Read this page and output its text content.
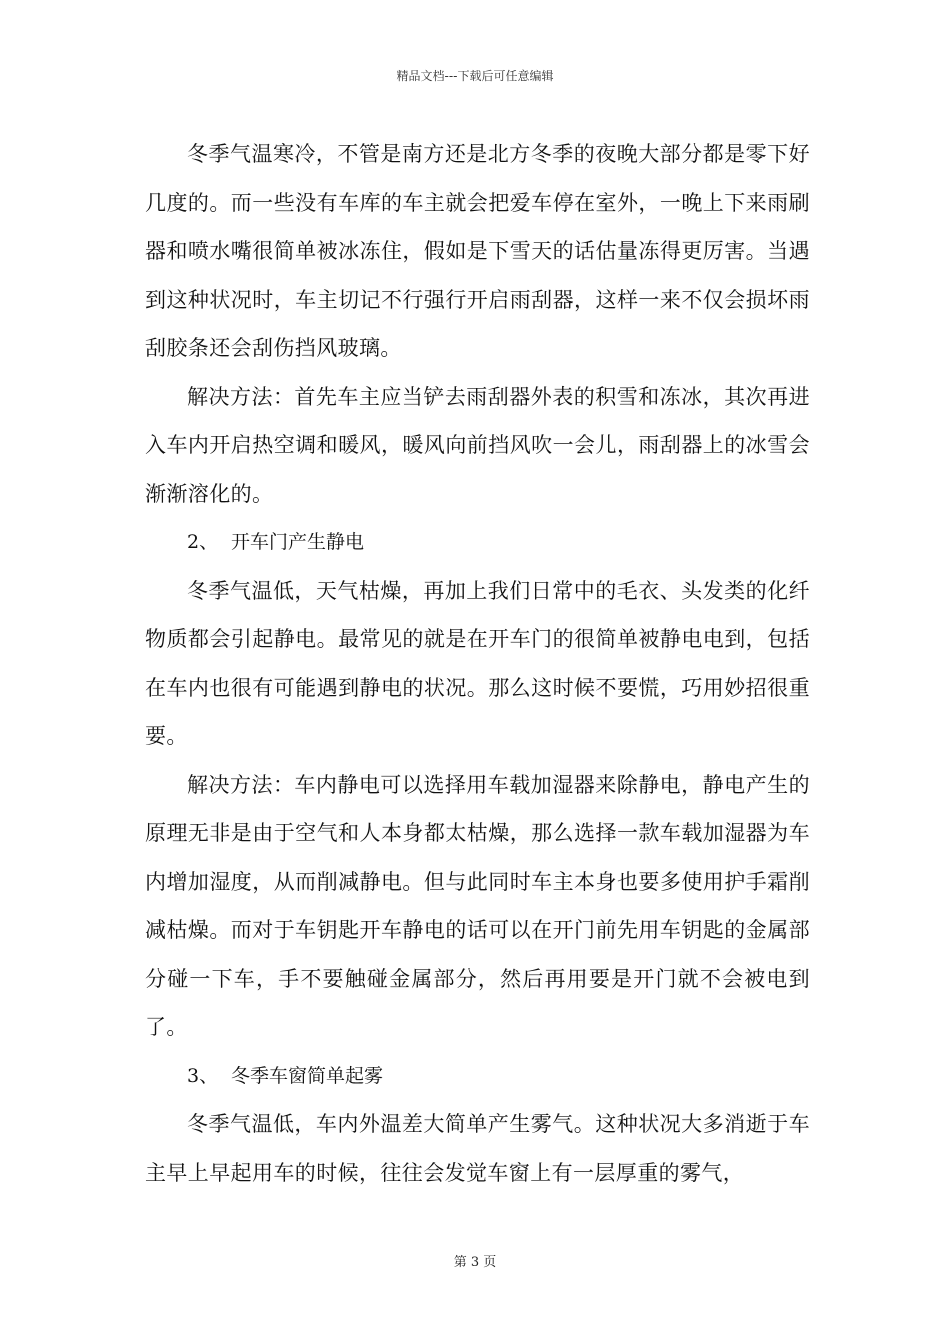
精品文档---下载后可任意编辑

冬季气温寒冷，不管是南方还是北方冬季的夜晚大部分都是零下好几度的。而一些没有车库的车主就会把爱车停在室外，一晚上下来雨刷器和喷水嘴很简单被冰冻住，假如是下雪天的话估量冻得更厉害。当遇到这种状况时，车主切记不行强行开启雨刮器，这样一来不仅会损坏雨刮胶条还会刮伤挡风玻璃。

解决方法：首先车主应当铲去雨刮器外表的积雪和冻冰，其次再进入车内开启热空调和暖风，暖风向前挡风吹一会儿，雨刮器上的冰雪会渐渐溶化的。

2、 开车门产生静电

冬季气温低，天气枯燥，再加上我们日常中的毛衣、头发类的化纤物质都会引起静电。最常见的就是在开车门的很简单被静电电到，包括在车内也很有可能遇到静电的状况。那么这时候不要慌，巧用妙招很重要。

解决方法：车内静电可以选择用车载加湿器来除静电，静电产生的原理无非是由于空气和人本身都太枯燥，那么选择一款车载加湿器为车内增加湿度，从而削减静电。但与此同时车主本身也要多使用护手霜削减枯燥。而对于车钥匙开车静电的话可以在开门前先用车钥匙的金属部分碰一下车，手不要触碰金属部分，然后再用要是开门就不会被电到了。

3、 冬季车窗简单起雾

冬季气温低，车内外温差大简单产生雾气。这种状况大多消逝于车主早上早起用车的时候，往往会发觉车窗上有一层厚重的雾气，

第 3 页
